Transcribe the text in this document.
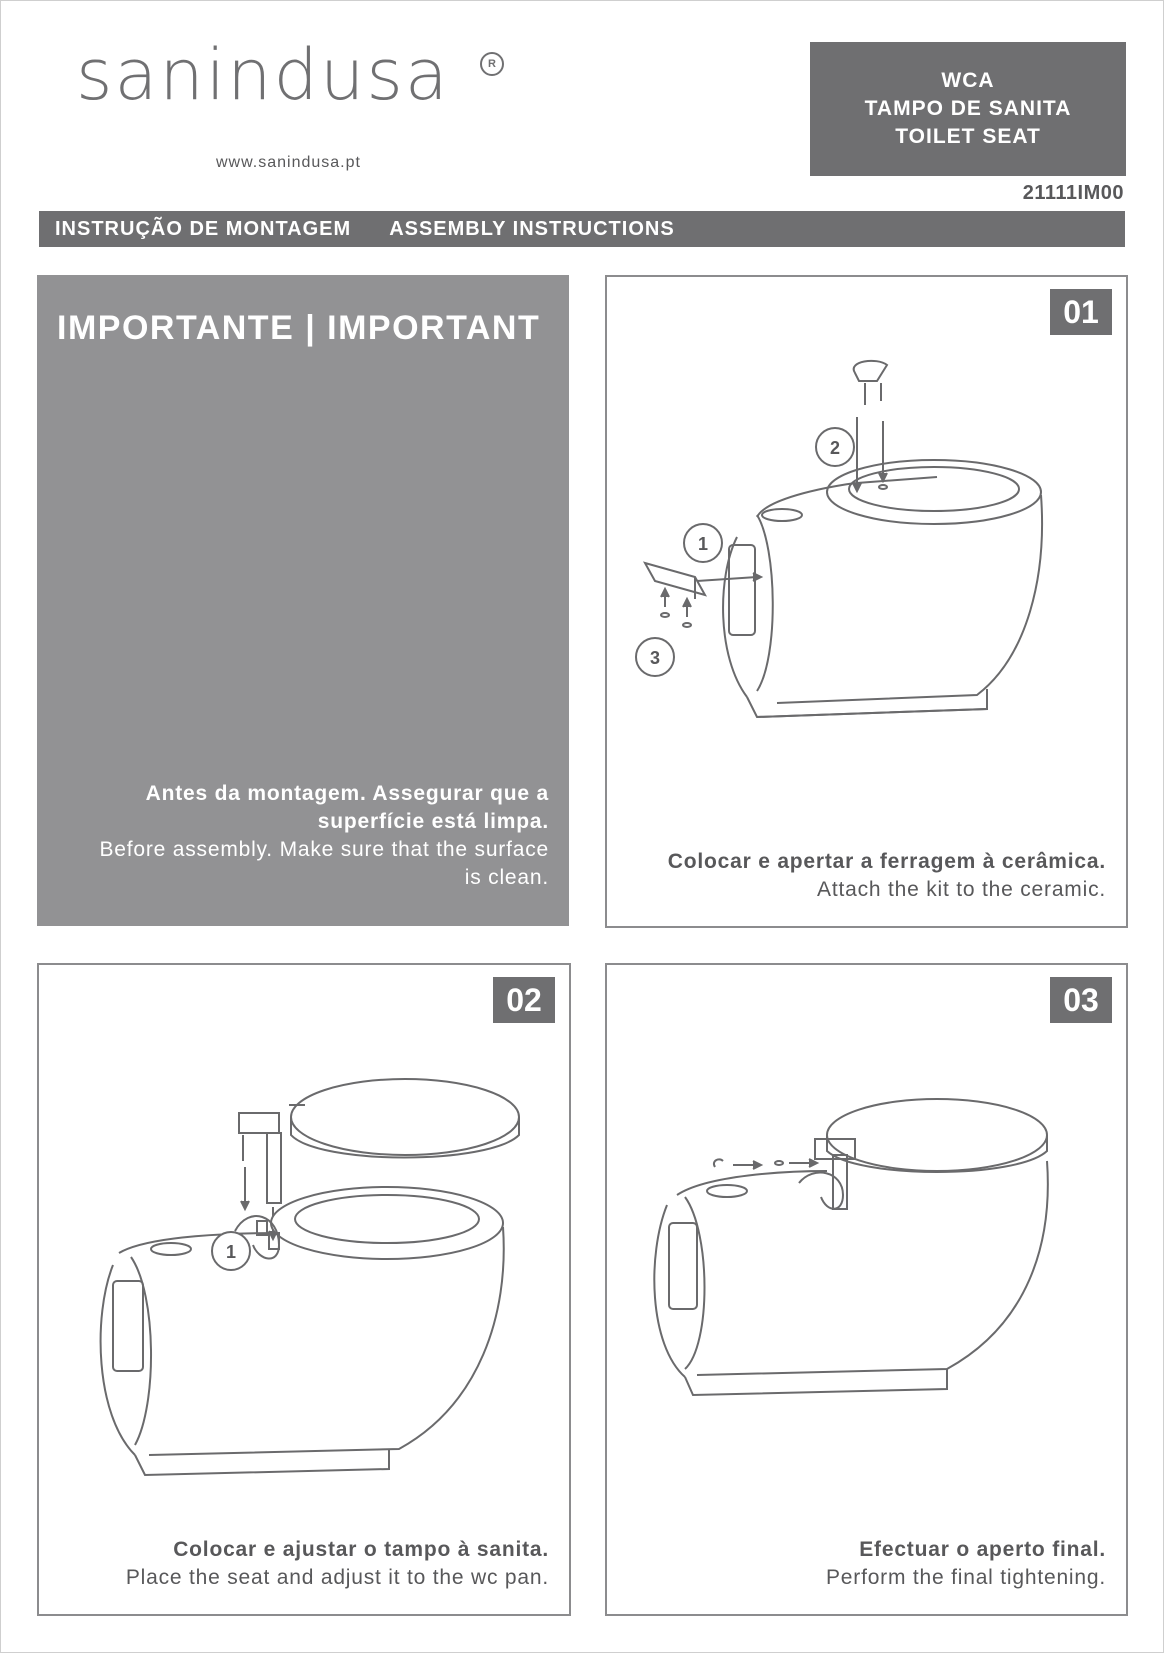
sanindusa	R
www.sanindusa.pt
WCA
TAMPO DE SANITA
TOILET SEAT
21111IM00
INSTRUÇÃO DE MONTAGEM ASSEMBLY INSTRUCTIONS
IMPORTANTE | IMPORTANT
Antes da montagem. Assegurar que a superfície está limpa.
Before assembly. Make sure that the surface is clean.
01
2
1
3
Colocar e apertar a ferragem à cerâmica.
Attach the kit to the ceramic.
02
1
Colocar e ajustar o tampo à sanita.
Place the seat and adjust it to the wc pan.
03
Efectuar o aperto final.
Perform the final tightening.
